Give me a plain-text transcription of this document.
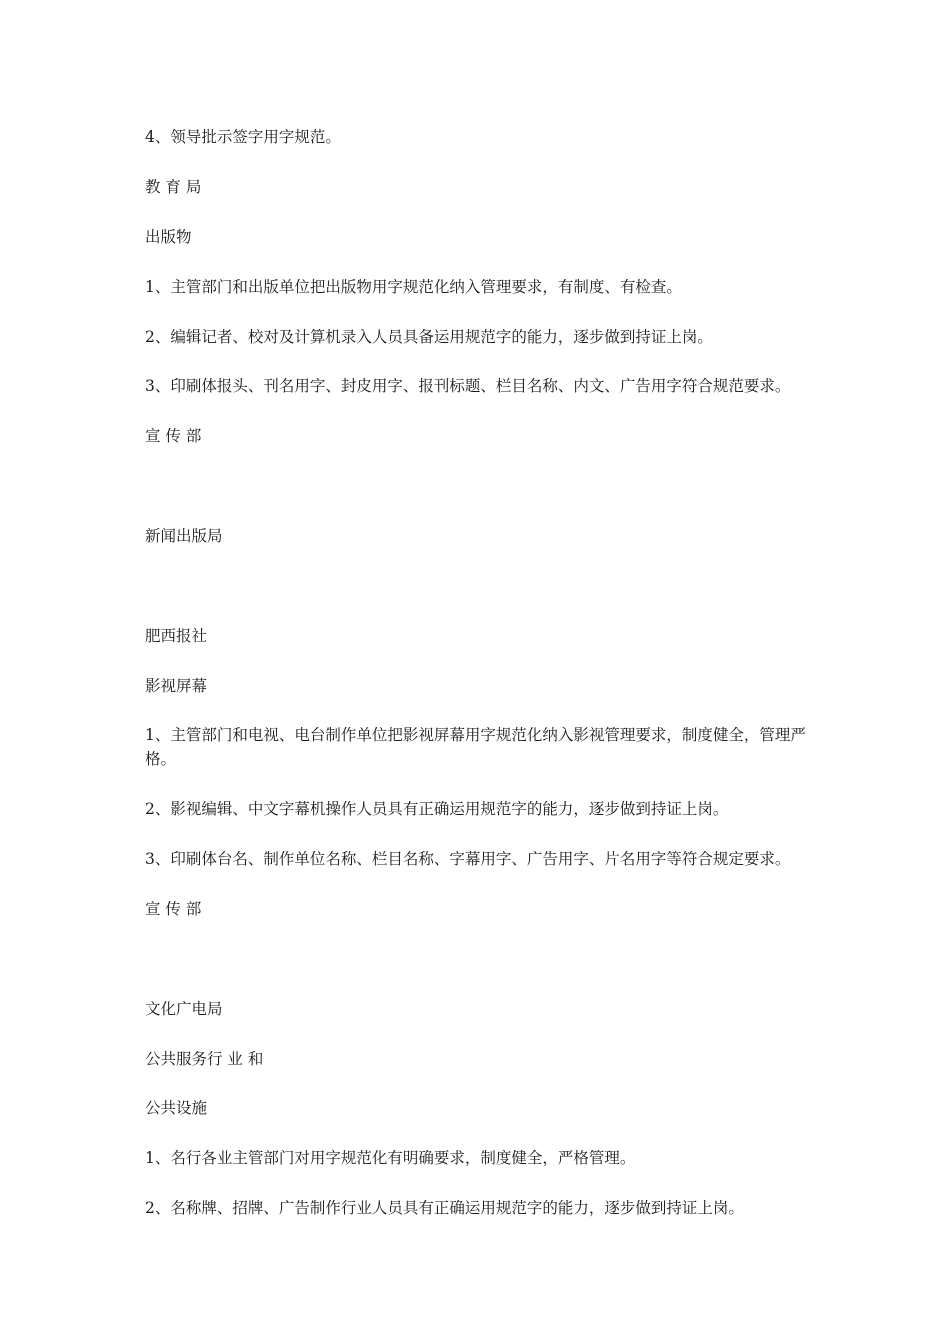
4、领导批示签字用字规范。
教 育 局
出版物
1、主管部门和出版单位把出版物用字规范化纳入管理要求，有制度、有检查。
2、编辑记者、校对及计算机录入人员具备运用规范字的能力，逐步做到持证上岗。
3、印刷体报头、刊名用字、封皮用字、报刊标题、栏目名称、内文、广告用字符合规范要求。
宣 传 部
新闻出版局
肥西报社
影视屏幕
1、主管部门和电视、电台制作单位把影视屏幕用字规范化纳入影视管理要求，制度健全，管理严格。
2、影视编辑、中文字幕机操作人员具有正确运用规范字的能力，逐步做到持证上岗。
3、印刷体台名、制作单位名称、栏目名称、字幕用字、广告用字、片名用字等符合规定要求。
宣 传 部
文化广电局
公共服务行 业 和
公共设施
1、名行各业主管部门对用字规范化有明确要求，制度健全，严格管理。
2、名称牌、招牌、广告制作行业人员具有正确运用规范字的能力，逐步做到持证上岗。
